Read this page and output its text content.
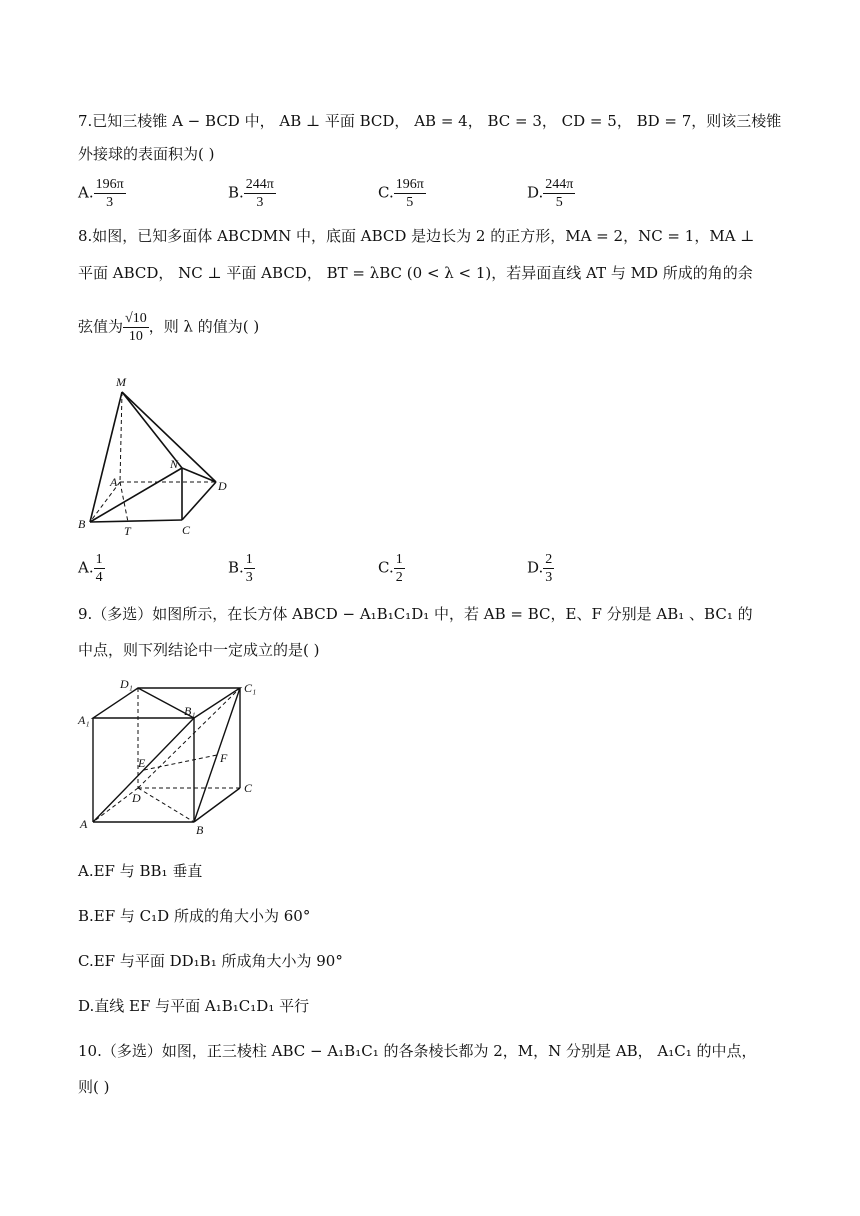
7.已知三棱锥 A − BCD 中， AB ⊥ 平面 BCD， AB = 4， BC = 3， CD = 5， BD = 7，则该三棱锥
外接球的表面积为( )
A. $\frac{196\pi}{3}$	B. $\frac{244\pi}{3}$	C. $\frac{196\pi}{5}$	D. $\frac{244\pi}{5}$
8.如图，已知多面体 ABCDMN 中，底面 ABCD 是边长为 2 的正方形，MA = 2，NC = 1，MA ⊥
平面 ABCD， NC ⊥ 平面 ABCD， BT = λBC (0 < λ < 1)，若异面直线 AT 与 MD 所成的角的余
弦值为 $\frac{√10}{10}$ ，则 λ 的值为( )
M
N
A	D
B	T	C
A. $\frac{1}{4}$	B. $\frac{1}{3}$	C. $\frac{1}{2}$	D. $\frac{2}{3}$
9.（多选）如图所示，在长方体 ABCD − A₁B₁C₁D₁ 中，若 AB = BC，E、F 分别是 AB₁ 、BC₁ 的
中点，则下列结论中一定成立的是( )
D₁	C₁
A₁
B₁
E	F
D
C
A	B
A.EF 与 BB₁ 垂直
B.EF 与 C₁D 所成的角大小为 60°
C.EF 与平面 DD₁B₁ 所成角大小为 90°
D.直线 EF 与平面 A₁B₁C₁D₁ 平行
10.（多选）如图，正三棱柱 ABC − A₁B₁C₁ 的各条棱长都为 2，M，N 分别是 AB， A₁C₁ 的中点，
则( )
